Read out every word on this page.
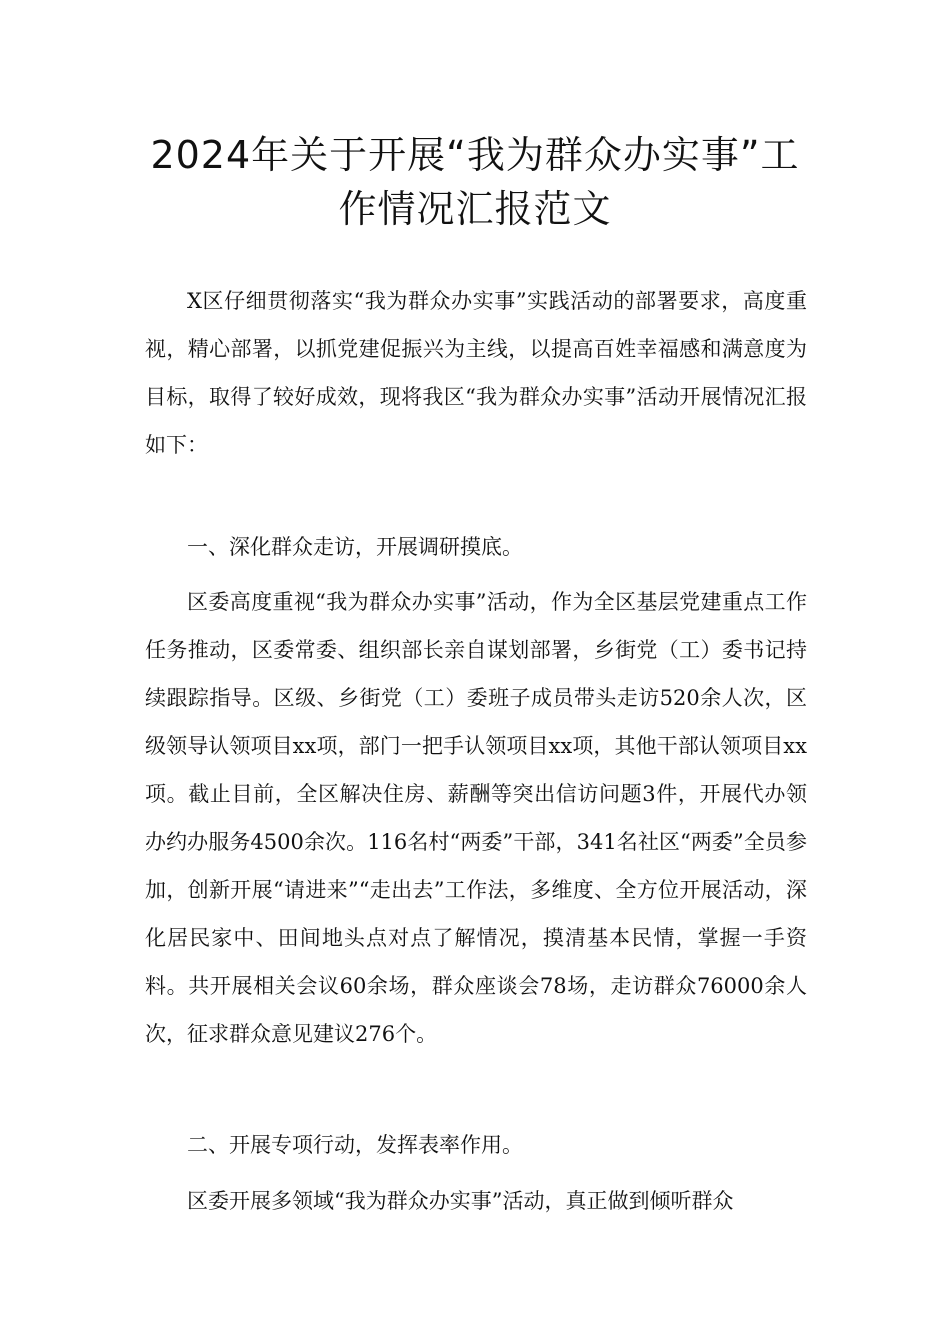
2024年关于开展“我为群众办实事”工
作情况汇报范文

X区仔细贯彻落实“我为群众办实事”实践活动的部署要求，高度重视，精心部署，以抓党建促振兴为主线，以提高百姓幸福感和满意度为目标，取得了较好成效，现将我区“我为群众办实事”活动开展情况汇报如下：

一、深化群众走访，开展调研摸底。

区委高度重视“我为群众办实事”活动，作为全区基层党建重点工作任务推动，区委常委、组织部长亲自谋划部署，乡街党（工）委书记持续跟踪指导。区级、乡街党（工）委班子成员带头走访520余人次，区级领导认领项目xx项，部门一把手认领项目xx项，其他干部认领项目xx项。截止目前，全区解决住房、薪酬等突出信访问题3件，开展代办领办约办服务4500余次。116名村“两委”干部，341名社区“两委”全员参加，创新开展“请进来”“走出去”工作法，多维度、全方位开展活动，深化居民家中、田间地头点对点了解情况，摸清基本民情，掌握一手资料。共开展相关会议60余场，群众座谈会78场，走访群众76000余人次，征求群众意见建议276个。

二、开展专项行动，发挥表率作用。

区委开展多领域“我为群众办实事”活动，真正做到倾听群众
